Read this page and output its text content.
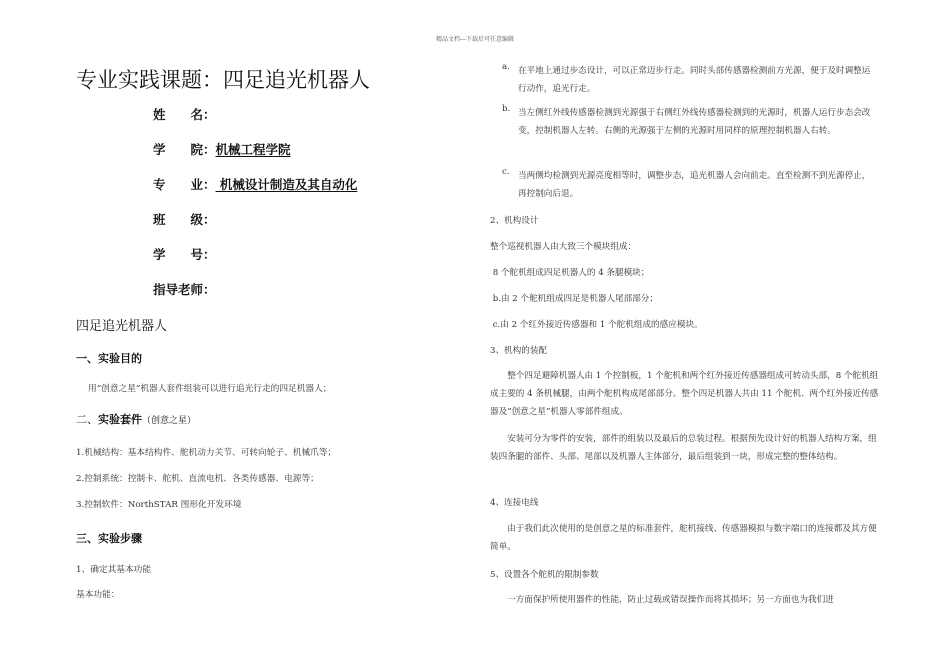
精品文档---下载后可任意编辑
专业实践课题：四足追光机器人
姓　　名：
学　　院：机械工程学院
专　　业： 机械设计制造及其自动化
班　　级：
学　　号：
指导老师：
四足追光机器人
一、实验目的
用“创意之星”机器人套件组装可以进行追光行走的四足机器人；
二、实验套件（创意之星）
1.机械结构：基本结构件、舵机动力关节、可转向轮子、机械爪等；
2.控制系统：控制卡、舵机、直流电机、各类传感器、电源等；
3.控制软件：NorthSTAR 图形化开发环境
三、实验步骤
1、确定其基本功能
基本功能：
a. 在平地上通过步态设计，可以正常迈步行走。同时头部传感器检测前方光源，便于及时调整运行动作，追光行走。
b. 当左侧红外线传感器检测到光源强于右侧红外线传感器检测到的光源时，机器人运行步态会改变，控制机器人左转。右侧的光源强于左侧的光源时用同样的原理控制机器人右转。
c. 当两侧均检测到光源亮度相等时，调整步态，追光机器人会向前走。直至检测不到光源停止，再控制向后退。
2、机构设计
整个巡视机器人由大致三个模块组成：
8 个舵机组成四足机器人的 4 条腿模块；
b.由 2 个舵机组成四足是机器人尾部部分；
c.由 2 个红外接近传感器和 1 个舵机组成的感应模块。
3、机构的装配
整个四足避障机器人由 1 个控制板，1 个舵机和两个红外接近传感器组成可转动头部，8 个舵机组成主要的 4 条机械腿，由两个舵机构成尾部部分。整个四足机器人共由 11 个舵机、两个红外接近传感器及“创意之星”机器人零部件组成。
安装可分为零件的安装，部件的组装以及最后的总装过程。根据预先设计好的机器人结构方案，组装四条腿的部件、头部、尾部以及机器人主体部分，最后组装到一块，形成完整的整体结构。
4、连接电线
由于我们此次使用的是创意之星的标准套件，舵机接线、传感器模拟与数字端口的连接都及其方便简单。
5、设置各个舵机的限制参数
一方面保护所使用器件的性能，防止过载或错误操作而将其损坏；另一方面也为我们进
